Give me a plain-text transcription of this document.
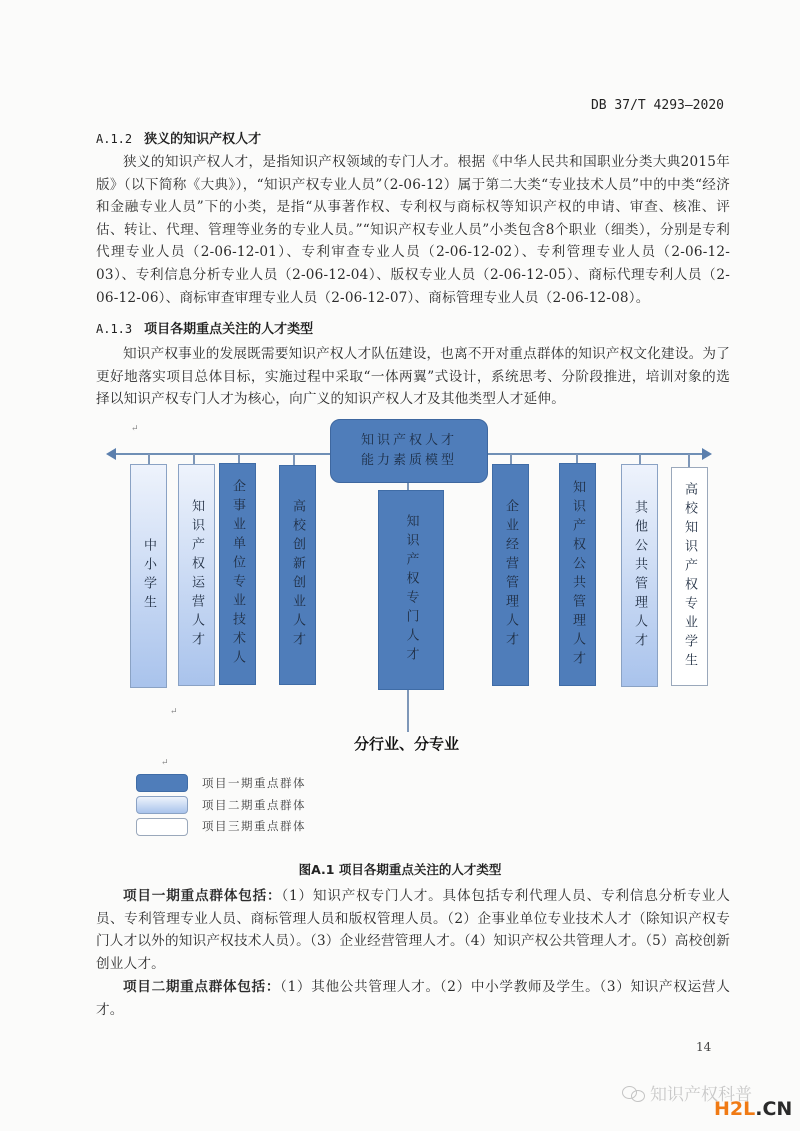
DB 37/T 4293—2020
A.1.2 狭义的知识产权人才

狭义的知识产权人才，是指知识产权领域的专门人才。根据《中华人民共和国职业分类大典2015年版》（以下简称《大典》），“知识产权专业人员”（2-06-12）属于第二大类“专业技术人员”中的中类“经济和金融专业人员”下的小类，是指“从事著作权、专利权与商标权等知识产权的申请、审查、核准、评估、转让、代理、管理等业务的专业人员。”“知识产权专业人员”小类包含8个职业（细类），分别是专利代理专业人员（2-06-12-01）、专利审查专业人员（2-06-12-02）、专利管理专业人员（2-06-12-03）、专利信息分析专业人员（2-06-12-04）、版权专业人员（2-06-12-05）、商标代理专利人员（2-06-12-06）、商标审查审理专业人员（2-06-12-07）、商标管理专业人员（2-06-12-08）。

A.1.3 项目各期重点关注的人才类型

知识产权事业的发展既需要知识产权人才队伍建设，也离不开对重点群体的知识产权文化建设。为了更好地落实项目总体目标，实施过程中采取“一体两翼”式设计，系统思考、分阶段推进，培训对象的选择以知识产权专门人才为核心，向广义的知识产权人才及其他类型人才延伸。

知识产权人才
能力素质模型
中小学生	知识产权运营人才 企事业单位专业技术人	高校创新创业人才	知识产权专门人才	企业经营管理人才	知识产权公共管理人才	其他公共管理人才	高校知识产权专业学生
分行业、分专业
↵
↵
↵
项目一期重点群体
项目二期重点群体
项目三期重点群体
图A.1 项目各期重点关注的人才类型

项目一期重点群体包括：（1）知识产权专门人才。具体包括专利代理人员、专利信息分析专业人员、专利管理专业人员、商标管理人员和版权管理人员。（2）企事业单位专业技术人才（除知识产权专门人才以外的知识产权技术人员）。（3）企业经营管理人才。（4）知识产权公共管理人才。（5）高校创新创业人才。

项目二期重点群体包括：（1）其他公共管理人才。（2）中小学教师及学生。（3）知识产权运营人才。

14
知识产权科普
H2L.CN
